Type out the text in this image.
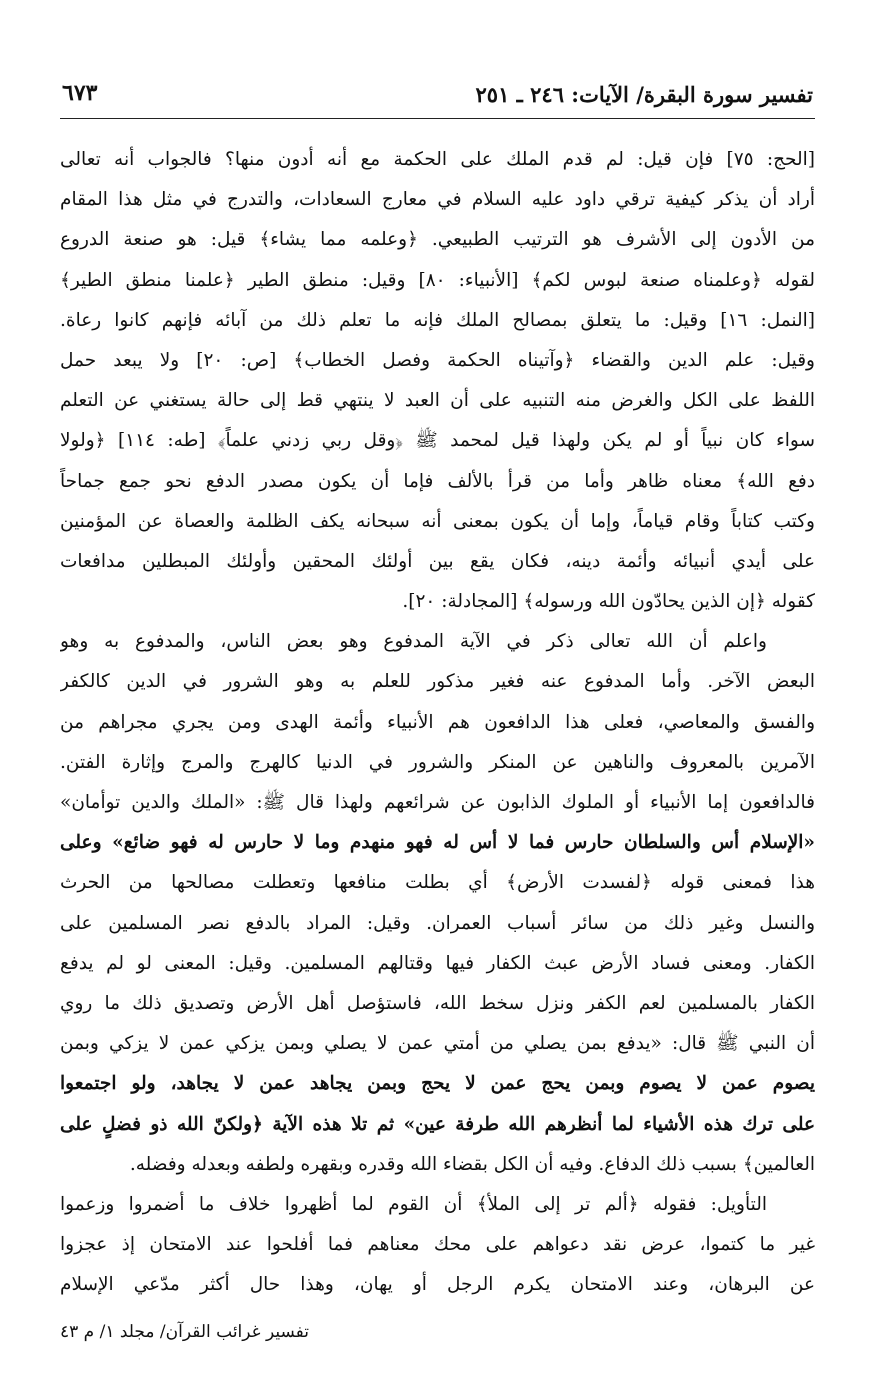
تفسير سورة البقرة/ الآيات: ٢٤٦ ـ ٢٥١
٦٧٣
[الحج: ٧٥] فإن قيل: لم قدم الملك على الحكمة مع أنه أدون منها؟ فالجواب أنه تعالى
أراد أن يذكر كيفية ترقي داود عليه السلام في معارج السعادات، والتدرج في مثل هذا المقام
من الأدون إلى الأشرف هو الترتيب الطبيعي. ﴿وعلمه مما يشاء﴾ قيل: هو صنعة الدروع
لقوله ﴿وعلمناه صنعة لبوس لكم﴾ [الأنبياء: ٨٠] وقيل: منطق الطير ﴿علمنا منطق الطير﴾
[النمل: ١٦] وقيل: ما يتعلق بمصالح الملك فإنه ما تعلم ذلك من آبائه فإنهم كانوا رعاة.
وقيل: علم الدين والقضاء ﴿وآتيناه الحكمة وفصل الخطاب﴾ [ص: ٢٠] ولا يبعد حمل
اللفظ على الكل والغرض منه التنبيه على أن العبد لا ينتهي قط إلى حالة يستغني عن التعلم
سواء كان نبياً أو لم يكن ولهذا قيل لمحمد ﷺ ﴿وقل ربي زدني علماً﴾ [طه: ١١٤] ﴿ولولا
دفع الله﴾ معناه ظاهر وأما من قرأ بالألف فإما أن يكون مصدر الدفع نحو جمع جماحاً
وكتب كتاباً وقام قياماً، وإما أن يكون بمعنى أنه سبحانه يكف الظلمة والعصاة عن المؤمنين
على أيدي أنبيائه وأئمة دينه، فكان يقع بين أولئك المحقين وأولئك المبطلين مدافعات
كقوله ﴿إن الذين يحادّون الله ورسوله﴾ [المجادلة: ٢٠].
واعلم أن الله تعالى ذكر في الآية المدفوع وهو بعض الناس، والمدفوع به وهو
البعض الآخر. وأما المدفوع عنه فغير مذكور للعلم به وهو الشرور في الدين كالكفر
والفسق والمعاصي، فعلى هذا الدافعون هم الأنبياء وأئمة الهدى ومن يجري مجراهم من
الآمرين بالمعروف والناهين عن المنكر والشرور في الدنيا كالهرج والمرج وإثارة الفتن.
فالدافعون إما الأنبياء أو الملوك الذابون عن شرائعهم ولهذا قال ﷺ: «الملك والدين توأمان»
«الإسلام أس والسلطان حارس فما لا أس له فهو منهدم وما لا حارس له فهو ضائع» وعلى
هذا فمعنى قوله ﴿لفسدت الأرض﴾ أي بطلت منافعها وتعطلت مصالحها من الحرث
والنسل وغير ذلك من سائر أسباب العمران. وقيل: المراد بالدفع نصر المسلمين على
الكفار. ومعنى فساد الأرض عبث الكفار فيها وقتالهم المسلمين. وقيل: المعنى لو لم يدفع
الكفار بالمسلمين لعم الكفر ونزل سخط الله، فاستؤصل أهل الأرض وتصديق ذلك ما روي
أن النبي ﷺ قال: «يدفع بمن يصلي من أمتي عمن لا يصلي وبمن يزكي عمن لا يزكي وبمن
يصوم عمن لا يصوم وبمن يحج عمن لا يحج وبمن يجاهد عمن لا يجاهد، ولو اجتمعوا
على ترك هذه الأشياء لما أنظرهم الله طرفة عين» ثم تلا هذه الآية ﴿ولكنّ الله ذو فضلٍ على
العالمين﴾ بسبب ذلك الدفاع. وفيه أن الكل بقضاء الله وقدره وبقهره ولطفه وبعدله وفضله.
التأويل: فقوله ﴿ألم تر إلى الملأ﴾ أن القوم لما أظهروا خلاف ما أضمروا وزعموا
غير ما كتموا، عرض نقد دعواهم على محك معناهم فما أفلحوا عند الامتحان إذ عجزوا
عن البرهان، وعند الامتحان يكرم الرجل أو يهان، وهذا حال أكثر مدّعي الإسلام
تفسير غرائب القرآن/ مجلد ١/ م ٤٣
